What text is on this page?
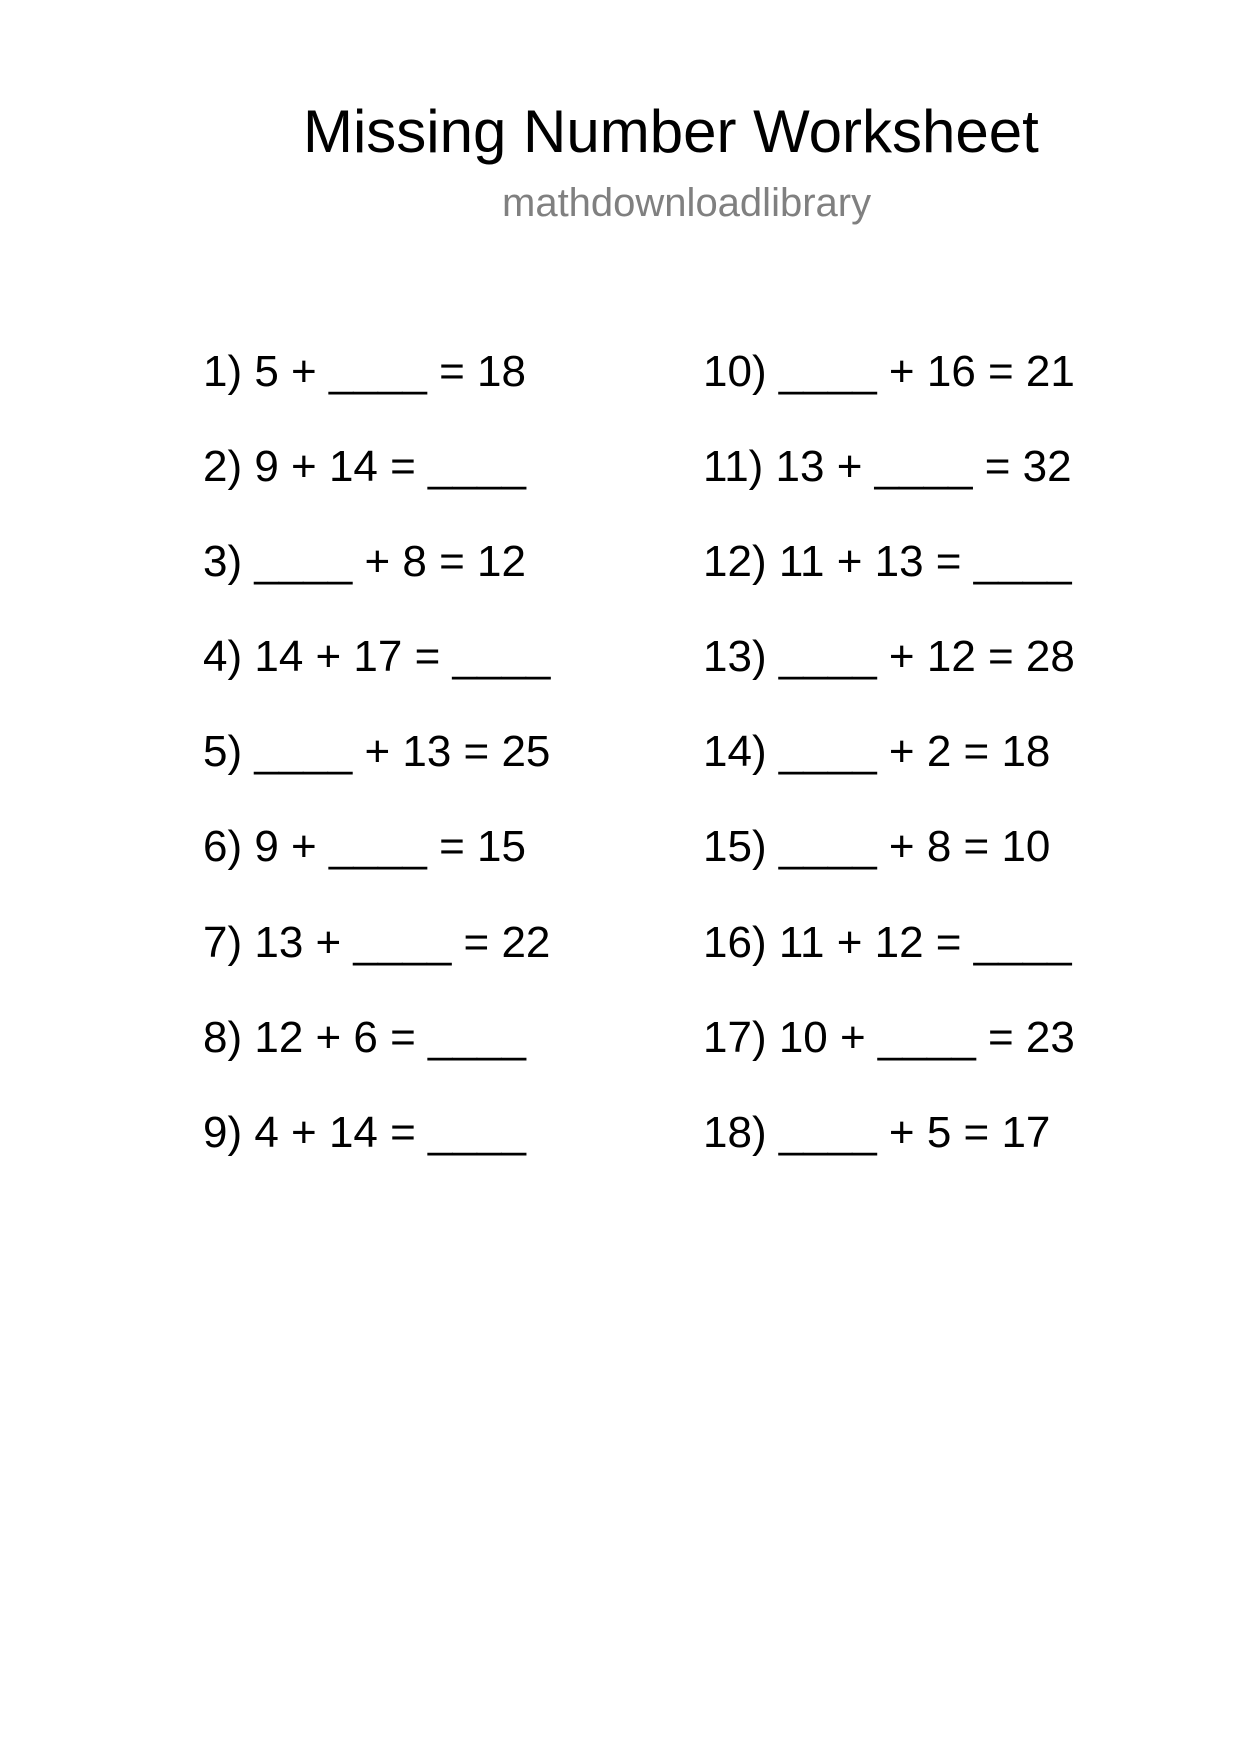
Missing Number Worksheet
mathdownloadlibrary
1) 5 + ____ = 18
2) 9 + 14 = ____
3) ____ + 8 = 12
4) 14 + 17 = ____
5) ____ + 13 = 25
6) 9 + ____ = 15
7) 13 + ____ = 22
8) 12 + 6 = ____
9) 4 + 14 = ____
10) ____ + 16 = 21
11) 13 + ____ = 32
12) 11 + 13 = ____
13) ____ + 12 = 28
14) ____ + 2 = 18
15) ____ + 8 = 10
16) 11 + 12 = ____
17) 10 + ____ = 23
18) ____ + 5 = 17
